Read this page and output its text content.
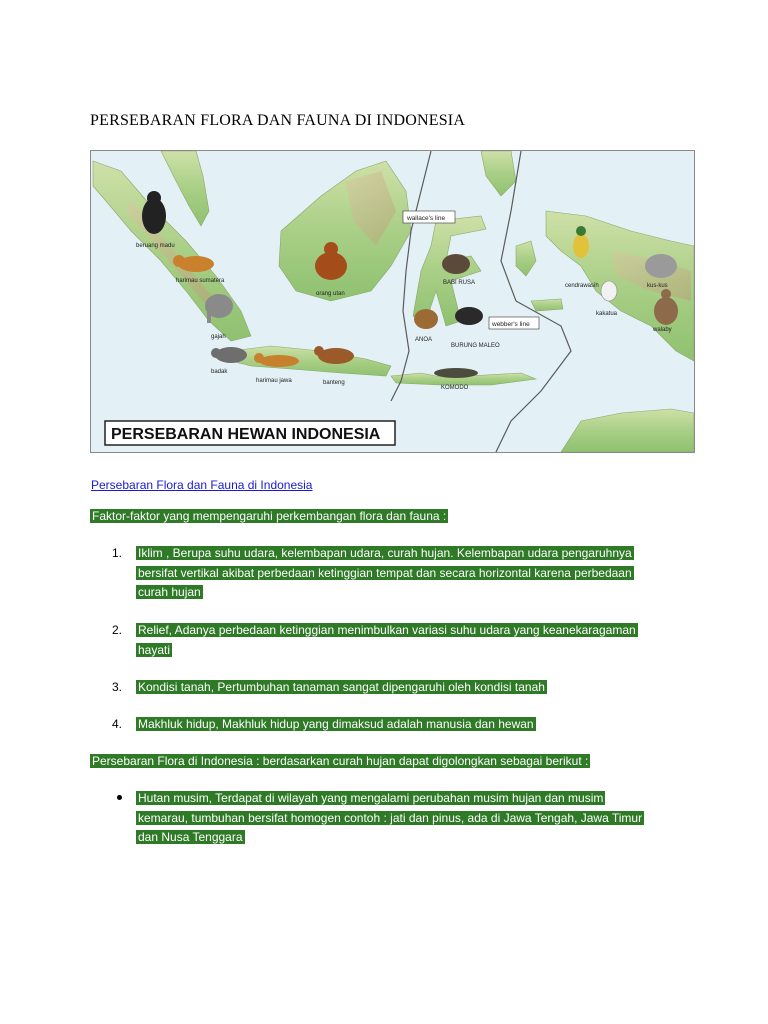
PERSEBARAN FLORA DAN FAUNA DI INDONESIA
wallace's line
webber's line
beruang madu
harimau sumatera
gajah
badak
harimau jawa	banteng
orang utan
BABI RUSA
ANOA
BURUNG MALEO
KOMODO
cendrawasih
kakatua
kus-kus
walaby
PERSEBARAN HEWAN INDONESIA
Persebaran Flora dan Fauna di Indonesia
Faktor-faktor yang mempengaruhi perkembangan flora dan fauna :
1.	Iklim , Berupa suhu udara, kelembapan udara, curah hujan. Kelembapan udara pengaruhnya
bersifat vertikal akibat perbedaan ketinggian tempat dan secara horizontal karena perbedaan
curah hujan
2.	Relief, Adanya perbedaan ketinggian menimbulkan variasi suhu udara yang keanekaragaman
hayati
3.	Kondisi tanah, Pertumbuhan tanaman sangat dipengaruhi oleh kondisi tanah
4.	Makhluk hidup, Makhluk hidup yang dimaksud adalah manusia dan hewan
Persebaran Flora di Indonesia : berdasarkan curah hujan dapat digolongkan sebagai berikut :
Hutan musim, Terdapat di wilayah yang mengalami perubahan musim hujan dan musim
kemarau, tumbuhan bersifat homogen contoh : jati dan pinus, ada di Jawa Tengah, Jawa Timur
dan Nusa Tenggara
